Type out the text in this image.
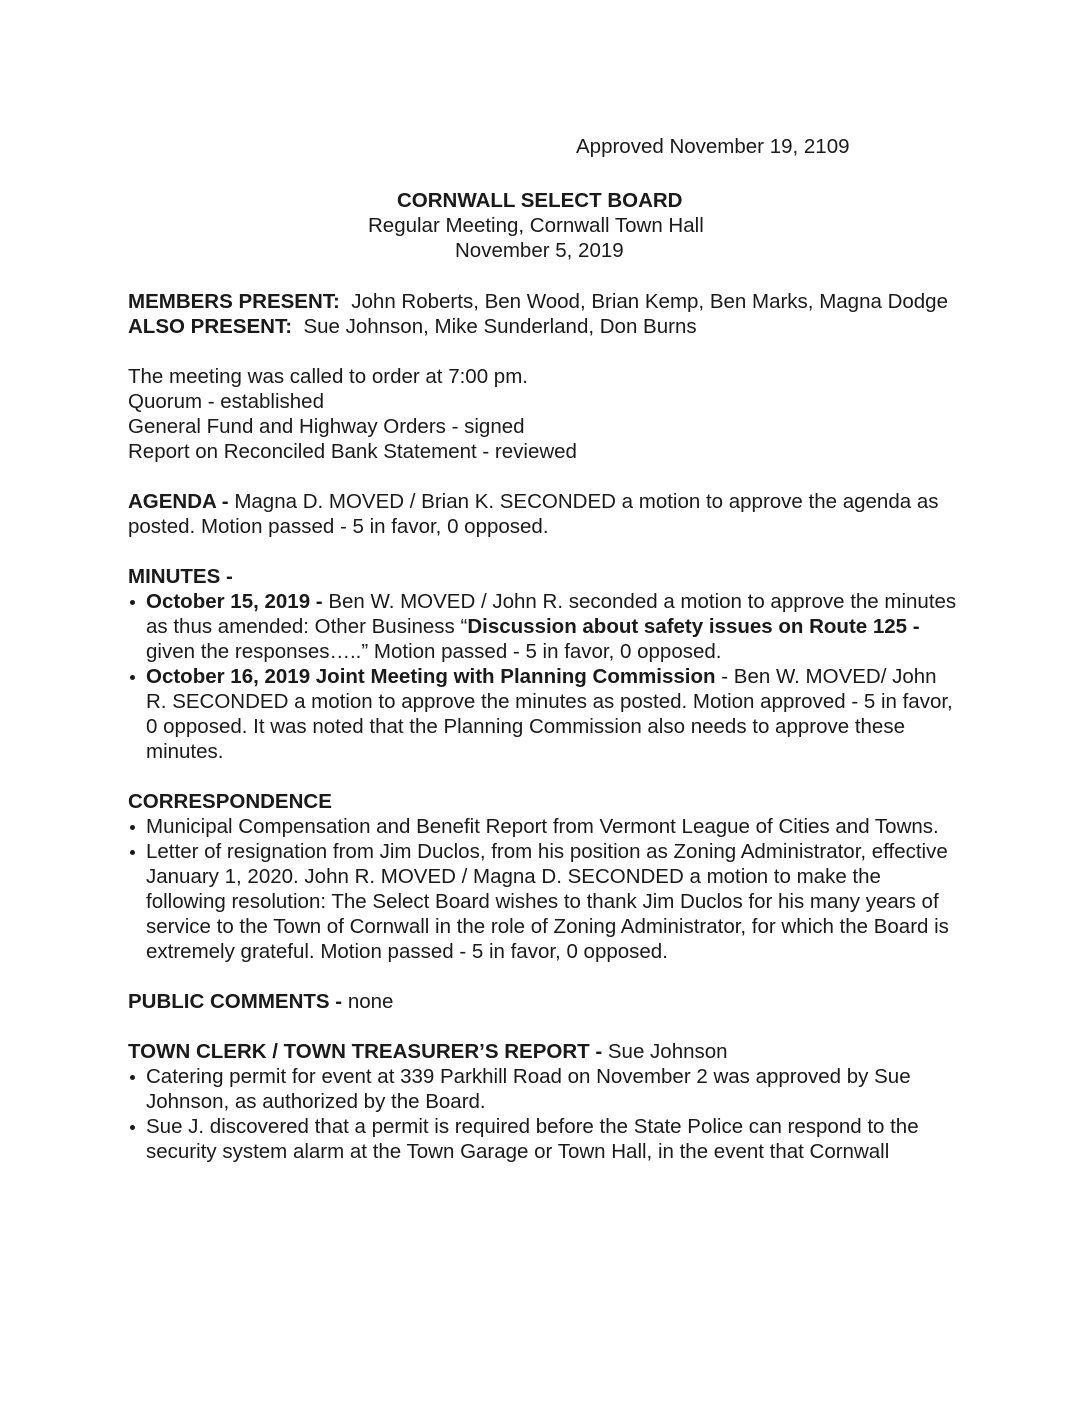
Approved November 19, 2109
CORNWALL SELECT BOARD
Regular Meeting, Cornwall Town Hall
November 5, 2019

MEMBERS PRESENT: John Roberts, Ben Wood, Brian Kemp, Ben Marks, Magna Dodge

ALSO PRESENT: Sue Johnson, Mike Sunderland, Don Burns

The meeting was called to order at 7:00 pm.

Quorum - established

General Fund and Highway Orders - signed

Report on Reconciled Bank Statement - reviewed

AGENDA - Magna D. MOVED / Brian K. SECONDED a motion to approve the agenda as posted. Motion passed - 5 in favor, 0 opposed.

MINUTES -

October 15, 2019 - Ben W. MOVED / John R. seconded a motion to approve the minutes as thus amended: Other Business “Discussion about safety issues on Route 125 - given the responses…..” Motion passed - 5 in favor, 0 opposed.
October 16, 2019 Joint Meeting with Planning Commission - Ben W. MOVED/ John R. SECONDED a motion to approve the minutes as posted. Motion approved - 5 in favor, 0 opposed. It was noted that the Planning Commission also needs to approve these minutes.

CORRESPONDENCE

Municipal Compensation and Benefit Report from Vermont League of Cities and Towns.
Letter of resignation from Jim Duclos, from his position as Zoning Administrator, effective January 1, 2020. John R. MOVED / Magna D. SECONDED a motion to make the following resolution: The Select Board wishes to thank Jim Duclos for his many years of service to the Town of Cornwall in the role of Zoning Administrator, for which the Board is extremely grateful. Motion passed - 5 in favor, 0 opposed.

PUBLIC COMMENTS - none

TOWN CLERK / TOWN TREASURER’S REPORT - Sue Johnson

Catering permit for event at 339 Parkhill Road on November 2 was approved by Sue Johnson, as authorized by the Board.
Sue J. discovered that a permit is required before the State Police can respond to the security system alarm at the Town Garage or Town Hall, in the event that Cornwall
